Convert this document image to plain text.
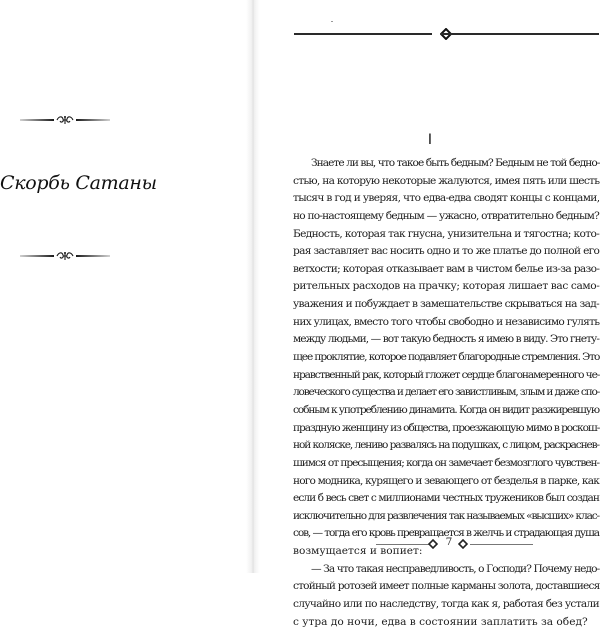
Скорбь Сатаны
I
Знаете ли вы, что такое быть бедным? Бедным не той бедно-
стью, на которую некоторые жалуются, имея пять или шесть
тысяч в год и уверяя, что едва-едва сводят концы с концами,
но по-настоящему бедным — ужасно, отвратительно бедным?
Бедность, которая так гнусна, унизительна и тягостна; кото-
рая заставляет вас носить одно и то же платье до полной его
ветхости; которая отказывает вам в чистом белье из-за разо-
рительных расходов на прачку; которая лишает вас само-
уважения и побуждает в замешательстве скрываться на зад-
них улицах, вместо того чтобы свободно и независимо гулять
между людьми, — вот такую бедность я имею в виду. Это гнету-
щее проклятие, которое подавляет благородные стремления. Это
нравственный рак, который гложет сердце благонамеренного че-
ловеческого существа и делает его завистливым, злым и даже спо-
собным к употреблению динамита. Когда он видит разжиревшую
праздную женщину из общества, проезжающую мимо в роскош-
ной коляске, лениво развалясь на подушках, с лицом, раскраснев-
шимся от пресыщения; когда он замечает безмозглого чувствен-
ного модника, курящего и зевающего от безделья в парке, как
если б весь свет с миллионами честных тружеников был создан
исключительно для развлечения так называемых «высших» клас-
сов, — тогда его кровь превращается в желчь и страдающая душа
возмущается и вопиет:
— За что такая несправедливость, о Господи? Почему недо-
стойный ротозей имеет полные карманы золота, доставшиеся
случайно или по наследству, тогда как я, работая без устали
с утра до ночи, едва в состоянии заплатить за обед?
7
